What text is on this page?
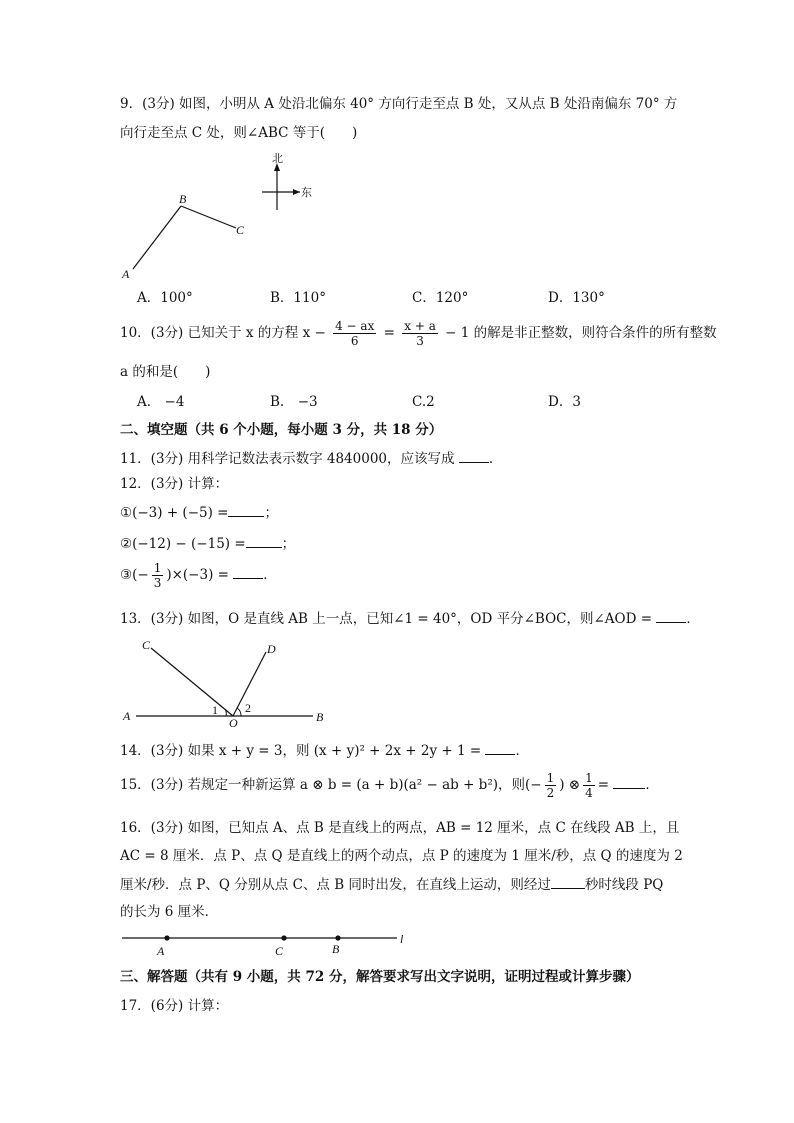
9．(3分) 如图，小明从 A 处沿北偏东 40° 方向行走至点 B 处，又从点 B 处沿南偏东 70° 方
向行走至点 C 处，则∠ABC 等于(　　)
北
东
A
B
C
A．100°	B．110°	C．120°	D．130°
10．(3分) 已知关于 x 的方程 $x - \frac{4 - ax}{6} = \frac{x + a}{3} - 1$ 的解是非正整数，则符合条件的所有整数
a 的和是(　　)
A.　−4	B.　−3	C.2	D．3
二、填空题（共 6 个小题，每小题 3 分，共 18 分）
11．(3分) 用科学记数法表示数字 4840000，应该写成	．
12．(3分) 计算：
①(−3) + (−5) =	；
②(−12) − (−15) =	；
③(− $\frac{1}{3} )\times(-3)$ =	．
13．(3分) 如图，O 是直线 AB 上一点，已知∠1 = 40°，OD 平分∠BOC，则∠AOD =	．
A	B
C	D
O
1 2
14．(3分) 如果 x + y = 3，则 (x + y)² + 2x + 2y + 1 =	．
15．(3分) 若规定一种新运算 a ⊗ b = (a + b)(a² − ab + b²)，则(− $\frac{1}{2}$ ) ⊗ $\frac{1}{4}$ =	．
16．(3分) 如图，已知点 A、点 B 是直线上的两点，AB = 12 厘米，点 C 在线段 AB 上，且
AC = 8 厘米．点 P、点 Q 是直线上的两个动点，点 P 的速度为 1 厘米/秒，点 Q 的速度为 2
厘米/秒．点 P、Q 分别从点 C、点 B 同时出发，在直线上运动，则经过	秒时线段 PQ
的长为 6 厘米．
A	C	B
l
三、解答题（共有 9 小题，共 72 分，解答要求写出文字说明，证明过程或计算步骤）
17．(6分) 计算：
